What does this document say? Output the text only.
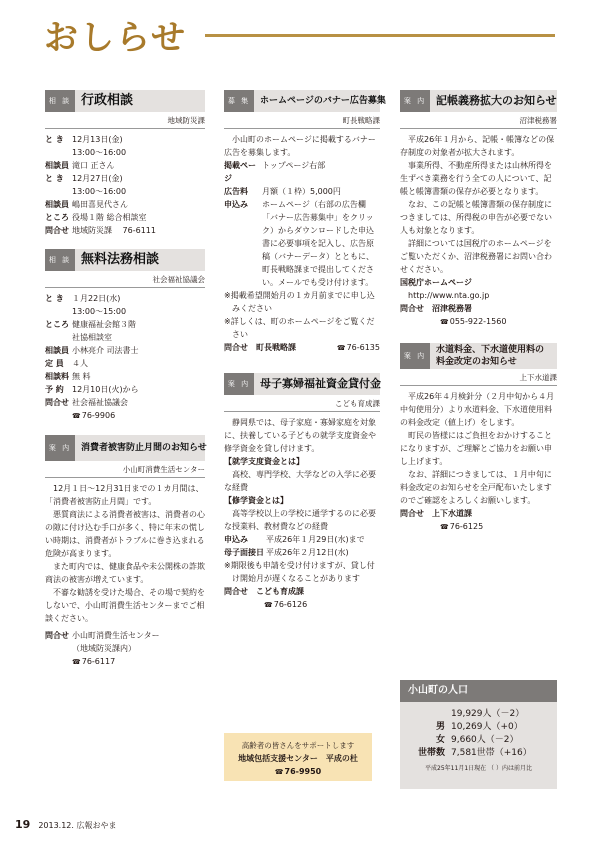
おしらせ
相 談 行政相談
地域防災課
と き	12月13日(金)
13:00～16:00
相談員 滝口 正さん
と き	12月27日(金)
13:00～16:00
相談員 嶋田喜見代さん
ところ 役場１階 総合相談室
問合せ 地域防災課　 76-6111
相 談 無料法務相談
社会福祉協議会
と き	１月22日(水)
13:00～15:00
ところ 健康福祉会館３階
社協相談室
相談員 小林亮介 司法書士
定 員	４人
相談料 無 料
予 約	12月10日(火)から
問合せ 社会福祉協議会
☎ 76-9906
案 内	消費者被害防止月間のお知らせ
小山町消費生活センター
12月１日～12月31日までの１カ月間は、「消費者被害防止月間」です。
悪質商法による消費者被害は、消費者の心の隙に付け込む手口が多く、特に年末の慌しい時期は、消費者がトラブルに巻き込まれる危険が高まります。
また町内では、健康食品や未公開株の詐欺商法の被害が増えています。
不審な勧誘を受けた場合、その場で契約をしないで、小山町消費生活センターまでご相談ください。
問合せ 小山町消費生活センター
（地域防災課内）
☎ 76-6117
募 集	ホームページのバナー広告募集
町長戦略課
小山町のホームページに掲載するバナー広告を募集します。
掲載ページ
トップページ右部
広告料	月額（１枠）5,000円
申込み	ホームページ（右部の広告欄「バナー広告募集中」をクリック）からダウンロードした申込書に必要事項を記入し、広告原稿（バナーデータ）とともに、町長戦略課まで提出してください。メールでも受け付けます。
※掲載希望開始月の１カ月前までに申し込みください
※詳しくは、町のホームページをご覧ください
問合せ　町長戦略課　
☎	76-6135
案 内 母子寡婦福祉資金貸付金
こども育成課
静岡県では、母子家庭・寡婦家庭を対象に、扶養している子どもの就学支度資金や修学資金を貸し付けます。
【就学支度資金とは】
高校、専門学校、大学などの入学に必要な経費
【修学資金とは】
高等学校以上の学校に通学するのに必要な授業料、教材費などの経費
申込み	平成26年１月29日(水)まで
母子面接日 平成26年２月12日(水)
※期限後も申請を受け付けますが、貸し付け開始月が遅くなることがあります
問合せ　こども育成課
☎ 76-6126
高齢者の皆さんをサポートします
地域包括支援センター　平成の杜
☎ 76-9950
案 内 記帳義務拡大のお知らせ
沼津税務署
平成26年１月から、記帳・帳簿などの保存制度の対象者が拡大されます。
事業所得、不動産所得または山林所得を生ずべき業務を行う全ての人について、記帳と帳簿書類の保存が必要となります。
なお、この記帳と帳簿書類の保存制度につきましては、所得税の申告が必要でない人も対象となります。
詳細については国税庁のホームページをご覧いただくか、沼津税務署にお問い合わせください。
国税庁ホームページ
http://www.nta.go.jp
問合せ　沼津税務署
☎ 055-922-1560
案 内
水道料金、下水道使用料の
料金改定のお知らせ
上下水道課
平成26年４月検針分（２月中旬から４月中旬使用分）より水道料金、下水道使用料の料金改定（値上げ）をします。
町民の皆様にはご負担をおかけすることになりますが、ご理解とご協力をお願い申し上げます。
なお、詳細につきましては、１月中旬に料金改定のお知らせを全戸配布いたしますのでご確認をよろしくお願いします。
問合せ　上下水道課
☎ 76-6125
小山町の人口
19,929人（－2）
男 10,269人（+0）
女 9,660人（－2）
世帯数 7,581世帯（+16）
平成25年11月1日現在 （ ）内は前月比
19 2013.12. 広報おやま
